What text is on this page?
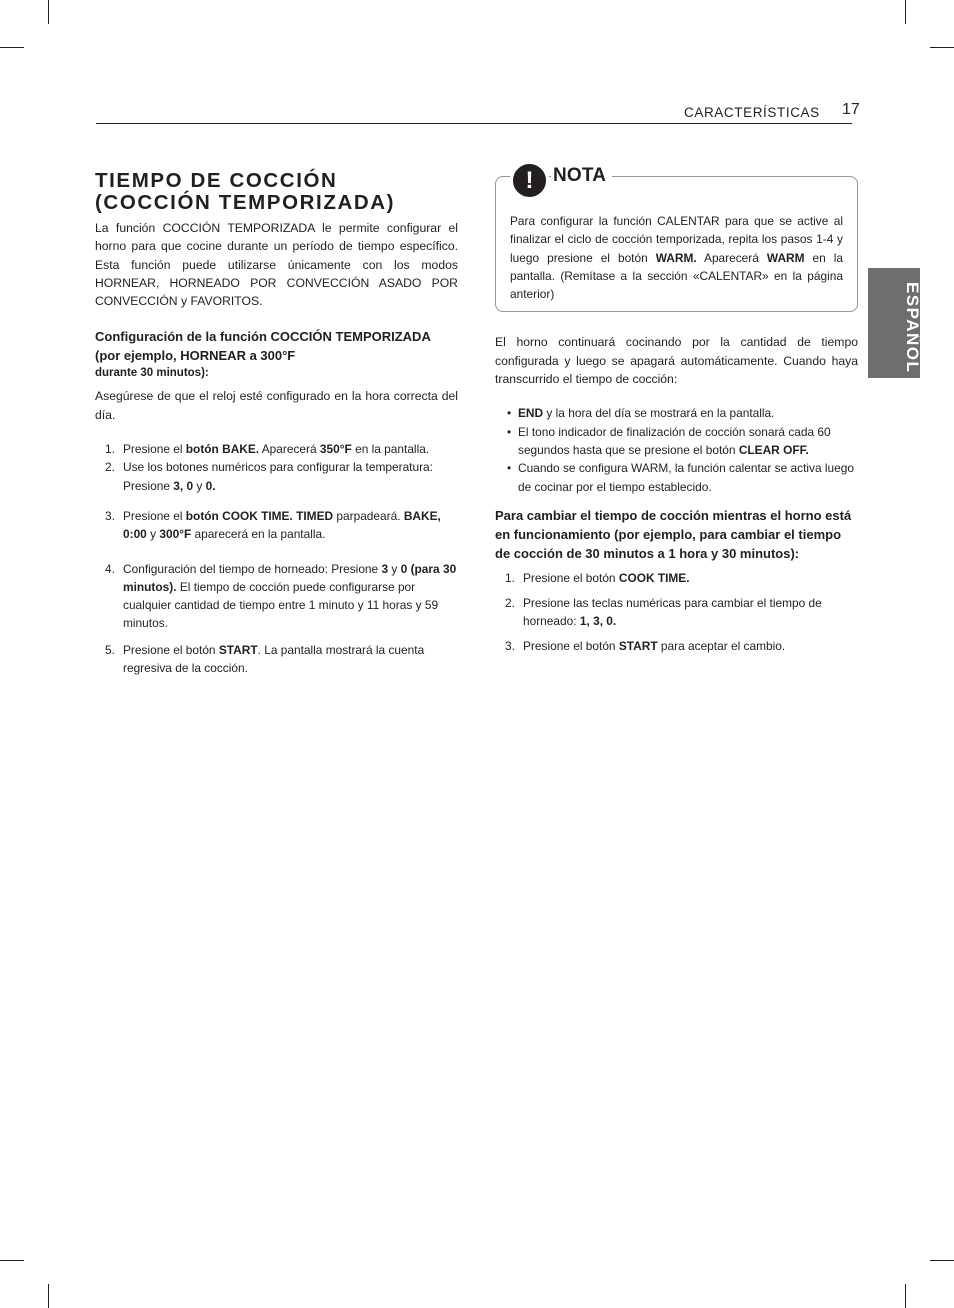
CARACTERÍSTICAS 17
ESPAÑOL
TIEMPO DE COCCIÓN (COCCIÓN TEMPORIZADA)

La función COCCIÓN TEMPORIZADA le permite configurar el horno para que cocine durante un período de tiempo específico. Esta función puede utilizarse únicamente con los modos HORNEAR, HORNEADO POR CONVECCIÓN ASADO POR CONVECCIÓN y FAVORITOS.

Configuración de la función COCCIÓN TEMPORIZADA (por ejemplo, HORNEAR a 300°F
durante 30 minutos):

Asegúrese de que el reloj esté configurado en la hora correcta del día.

1. Presione el botón BAKE. Aparecerá 350°F en la pantalla.
2. Use los botones numéricos para configurar la temperatura: Presione 3, 0 y 0.
3. Presione el botón COOK TIME. TIMED parpadeará. BAKE, 0:00 y 300°F aparecerá en la pantalla.
4. Configuración del tiempo de horneado: Presione 3 y 0 (para 30 minutos). El tiempo de cocción puede configurarse por cualquier cantidad de tiempo entre 1 minuto y 11 horas y 59 minutos.
5. Presione el botón START. La pantalla mostrará la cuenta regresiva de la cocción.
!	NOTA

Para configurar la función CALENTAR para que se active al finalizar el ciclo de cocción temporizada, repita los pasos 1-4 y luego presione el botón WARM. Aparecerá WARM en la pantalla. (Remítase a la sección «CALENTAR» en la página anterior)

El horno continuará cocinando por la cantidad de tiempo configurada y luego se apagará automáticamente. Cuando haya transcurrido el tiempo de cocción:

• END y la hora del día se mostrará en la pantalla.
• El tono indicador de finalización de cocción sonará cada 60 segundos hasta que se presione el botón CLEAR OFF.
• Cuando se configura WARM, la función calentar se activa luego de cocinar por el tiempo establecido.
Para cambiar el tiempo de cocción mientras el horno está en funcionamiento (por ejemplo, para cambiar el tiempo de cocción de 30 minutos a 1 hora y 30 minutos):
1. Presione el botón COOK TIME.
2. Presione las teclas numéricas para cambiar el tiempo de horneado: 1, 3, 0.
3. Presione el botón START para aceptar el cambio.
